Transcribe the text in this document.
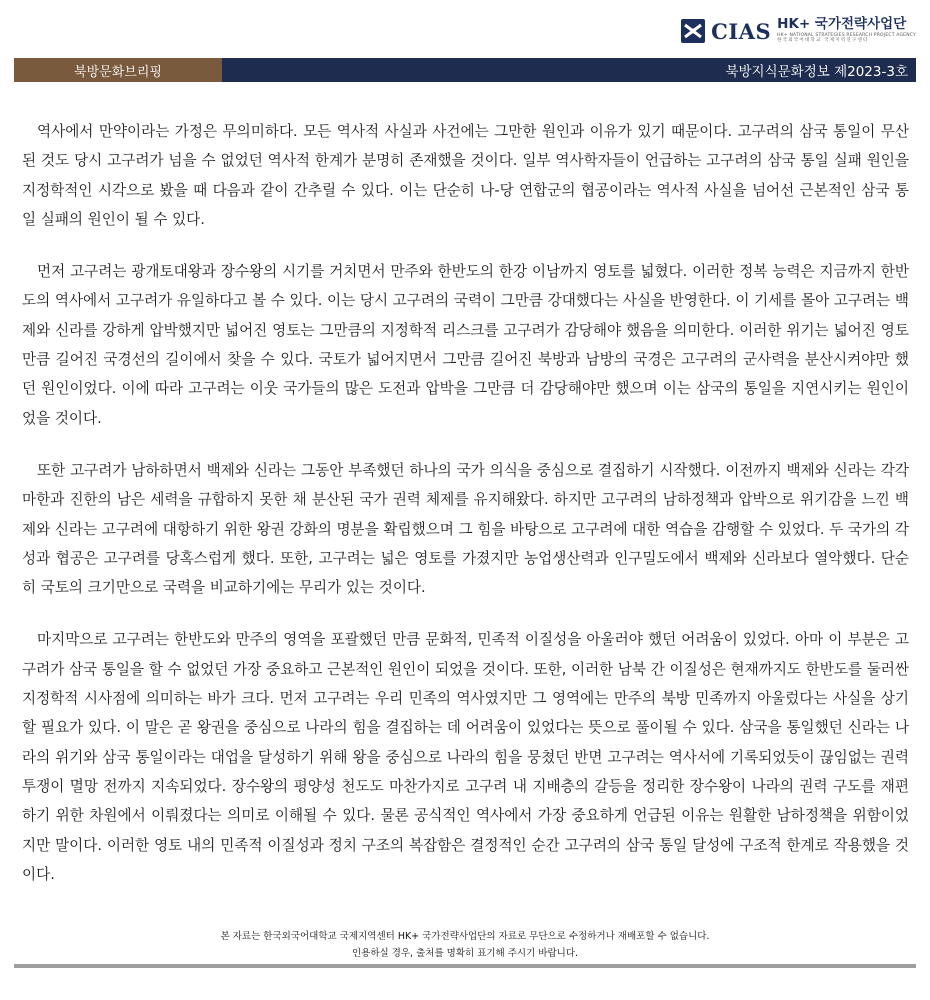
CIAS HK+ 국가전략사업단
HK+ NATIONAL STRATEGIES RESEARCH PROJECT AGENCY
한국외국어대학교 국제지역연구센터
북방문화브리핑	북방지식문화정보 제2023-3호

역사에서 만약이라는 가정은 무의미하다. 모든 역사적 사실과 사건에는 그만한 원인과 이유가 있기 때문이다. 고구려의 삼국 통일이 무산된 것도 당시 고구려가 넘을 수 없었던 역사적 한계가 분명히 존재했을 것이다. 일부 역사학자들이 언급하는 고구려의 삼국 통일 실패 원인을 지정학적인 시각으로 봤을 때 다음과 같이 간추릴 수 있다. 이는 단순히 나-당 연합군의 협공이라는 역사적 사실을 넘어선 근본적인 삼국 통일 실패의 원인이 될 수 있다.

먼저 고구려는 광개토대왕과 장수왕의 시기를 거치면서 만주와 한반도의 한강 이남까지 영토를 넓혔다. 이러한 정복 능력은 지금까지 한반도의 역사에서 고구려가 유일하다고 볼 수 있다. 이는 당시 고구려의 국력이 그만큼 강대했다는 사실을 반영한다. 이 기세를 몰아 고구려는 백제와 신라를 강하게 압박했지만 넓어진 영토는 그만큼의 지정학적 리스크를 고구려가 감당해야 했음을 의미한다. 이러한 위기는 넓어진 영토만큼 길어진 국경선의 길이에서 찾을 수 있다. 국토가 넓어지면서 그만큼 길어진 북방과 남방의 국경은 고구려의 군사력을 분산시켜야만 했던 원인이었다. 이에 따라 고구려는 이웃 국가들의 많은 도전과 압박을 그만큼 더 감당해야만 했으며 이는 삼국의 통일을 지연시키는 원인이었을 것이다.

또한 고구려가 남하하면서 백제와 신라는 그동안 부족했던 하나의 국가 의식을 중심으로 결집하기 시작했다. 이전까지 백제와 신라는 각각 마한과 진한의 남은 세력을 규합하지 못한 채 분산된 국가 권력 체제를 유지해왔다. 하지만 고구려의 남하정책과 압박으로 위기감을 느낀 백제와 신라는 고구려에 대항하기 위한 왕권 강화의 명분을 확립했으며 그 힘을 바탕으로 고구려에 대한 역습을 감행할 수 있었다. 두 국가의 각성과 협공은 고구려를 당혹스럽게 했다. 또한, 고구려는 넓은 영토를 가졌지만 농업생산력과 인구밀도에서 백제와 신라보다 열악했다. 단순히 국토의 크기만으로 국력을 비교하기에는 무리가 있는 것이다.

마지막으로 고구려는 한반도와 만주의 영역을 포괄했던 만큼 문화적, 민족적 이질성을 아울러야 했던 어려움이 있었다. 아마 이 부분은 고구려가 삼국 통일을 할 수 없었던 가장 중요하고 근본적인 원인이 되었을 것이다. 또한, 이러한 남북 간 이질성은 현재까지도 한반도를 둘러싼 지정학적 시사점에 의미하는 바가 크다. 먼저 고구려는 우리 민족의 역사였지만 그 영역에는 만주의 북방 민족까지 아울렀다는 사실을 상기할 필요가 있다. 이 말은 곧 왕권을 중심으로 나라의 힘을 결집하는 데 어려움이 있었다는 뜻으로 풀이될 수 있다. 삼국을 통일했던 신라는 나라의 위기와 삼국 통일이라는 대업을 달성하기 위해 왕을 중심으로 나라의 힘을 뭉쳤던 반면 고구려는 역사서에 기록되었듯이 끊임없는 권력 투쟁이 멸망 전까지 지속되었다. 장수왕의 평양성 천도도 마찬가지로 고구려 내 지배층의 갈등을 정리한 장수왕이 나라의 권력 구도를 재편하기 위한 차원에서 이뤄졌다는 의미로 이해될 수 있다. 물론 공식적인 역사에서 가장 중요하게 언급된 이유는 원활한 남하정책을 위함이었지만 말이다. 이러한 영토 내의 민족적 이질성과 정치 구조의 복잡함은 결정적인 순간 고구려의 삼국 통일 달성에 구조적 한계로 작용했을 것이다.

본 자료는 한국외국어대학교 국제지역센터 HK+ 국가전략사업단의 자료로 무단으로 수정하거나 재배포할 수 없습니다.
인용하실 경우, 출처를 명확히 표기해 주시기 바랍니다.
